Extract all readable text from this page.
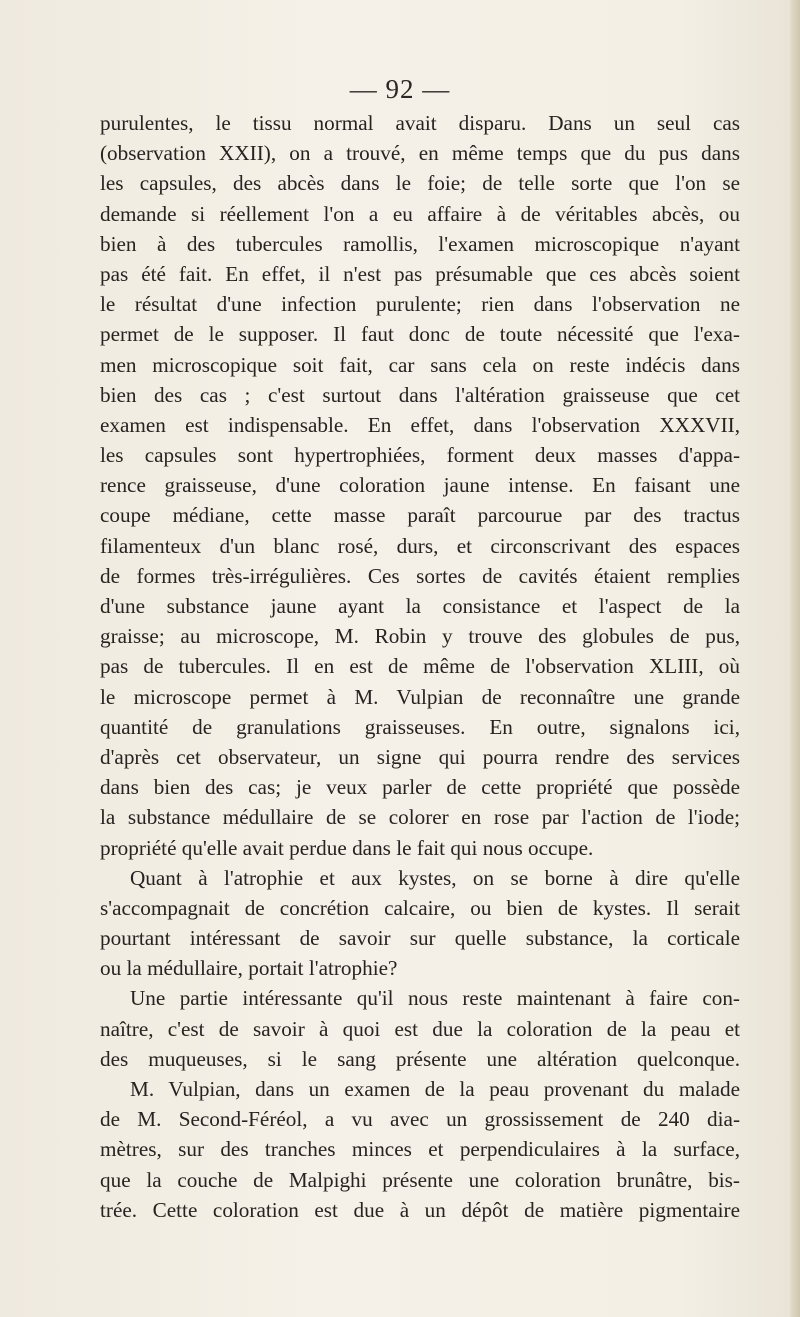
— 92 —
purulentes, le tissu normal avait disparu. Dans un seul cas
(observation XXII), on a trouvé, en même temps que du pus dans
les capsules, des abcès dans le foie; de telle sorte que l'on se
demande si réellement l'on a eu affaire à de véritables abcès, ou
bien à des tubercules ramollis, l'examen microscopique n'ayant
pas été fait. En effet, il n'est pas présumable que ces abcès soient
le résultat d'une infection purulente; rien dans l'observation ne
permet de le supposer. Il faut donc de toute nécessité que l'exa-
men microscopique soit fait, car sans cela on reste indécis dans
bien des cas ; c'est surtout dans l'altération graisseuse que cet
examen est indispensable. En effet, dans l'observation XXXVII,
les capsules sont hypertrophiées, forment deux masses d'appa-
rence graisseuse, d'une coloration jaune intense. En faisant une
coupe médiane, cette masse paraît parcourue par des tractus
filamenteux d'un blanc rosé, durs, et circonscrivant des espaces
de formes très-irrégulières. Ces sortes de cavités étaient remplies
d'une substance jaune ayant la consistance et l'aspect de la
graisse; au microscope, M. Robin y trouve des globules de pus,
pas de tubercules. Il en est de même de l'observation XLIII, où
le microscope permet à M. Vulpian de reconnaître une grande
quantité de granulations graisseuses. En outre, signalons ici,
d'après cet observateur, un signe qui pourra rendre des services
dans bien des cas; je veux parler de cette propriété que possède
la substance médullaire de se colorer en rose par l'action de l'iode;
propriété qu'elle avait perdue dans le fait qui nous occupe.
Quant à l'atrophie et aux kystes, on se borne à dire qu'elle
s'accompagnait de concrétion calcaire, ou bien de kystes. Il serait
pourtant intéressant de savoir sur quelle substance, la corticale
ou la médullaire, portait l'atrophie?
Une partie intéressante qu'il nous reste maintenant à faire con-
naître, c'est de savoir à quoi est due la coloration de la peau et
des muqueuses, si le sang présente une altération quelconque.
M. Vulpian, dans un examen de la peau provenant du malade
de M. Second-Féréol, a vu avec un grossissement de 240 dia-
mètres, sur des tranches minces et perpendiculaires à la surface,
que la couche de Malpighi présente une coloration brunâtre, bis-
trée. Cette coloration est due à un dépôt de matière pigmentaire
